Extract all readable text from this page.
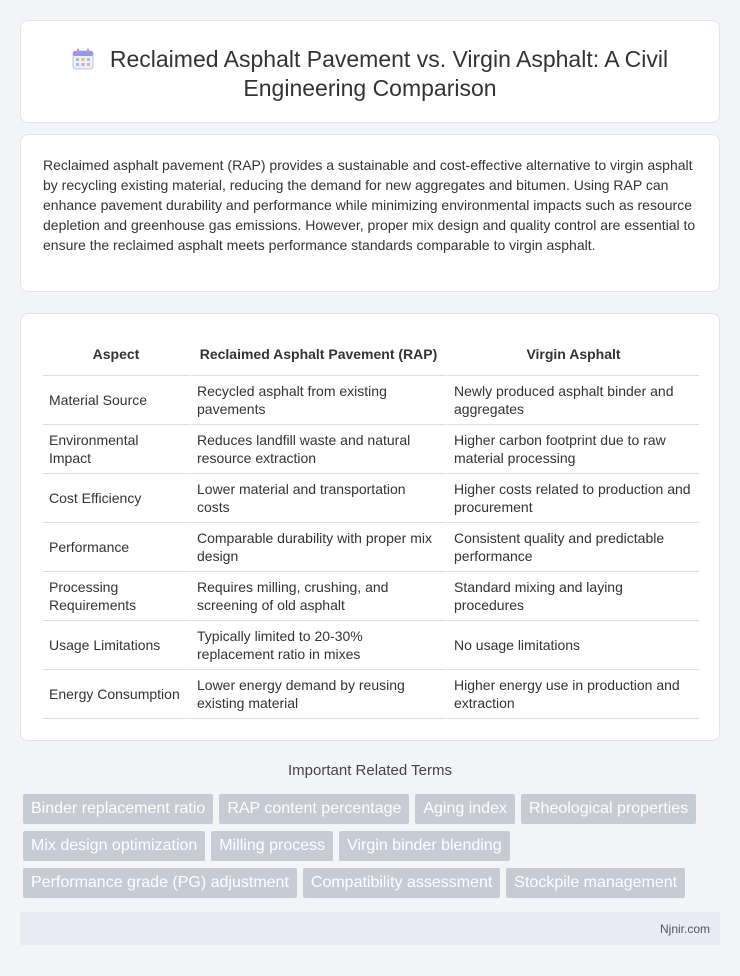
Reclaimed Asphalt Pavement vs. Virgin Asphalt: A Civil Engineering Comparison

Reclaimed asphalt pavement (RAP) provides a sustainable and cost-effective alternative to virgin asphalt by recycling existing material, reducing the demand for new aggregates and bitumen. Using RAP can enhance pavement durability and performance while minimizing environmental impacts such as resource depletion and greenhouse gas emissions. However, proper mix design and quality control are essential to ensure the reclaimed asphalt meets performance standards comparable to virgin asphalt.

Aspect	Reclaimed Asphalt Pavement (RAP)	Virgin Asphalt
Material Source	Recycled asphalt from existing pavements	Newly produced asphalt binder and aggregates
Environmental Impact	Reduces landfill waste and natural resource extraction	Higher carbon footprint due to raw material processing
Cost Efficiency	Lower material and transportation costs	Higher costs related to production and procurement
Performance	Comparable durability with proper mix design	Consistent quality and predictable performance
Processing Requirements	Requires milling, crushing, and screening of old asphalt	Standard mixing and laying procedures
Usage Limitations	Typically limited to 20-30% replacement ratio in mixes	No usage limitations
Energy Consumption	Lower energy demand by reusing existing material	Higher energy use in production and extraction
Important Related Terms
Binder replacement ratio	RAP content percentage	Aging index	Rheological properties
Mix design optimization	Milling process	Virgin binder blending
Performance grade (PG) adjustment	Compatibility assessment	Stockpile management
Njnir.com
